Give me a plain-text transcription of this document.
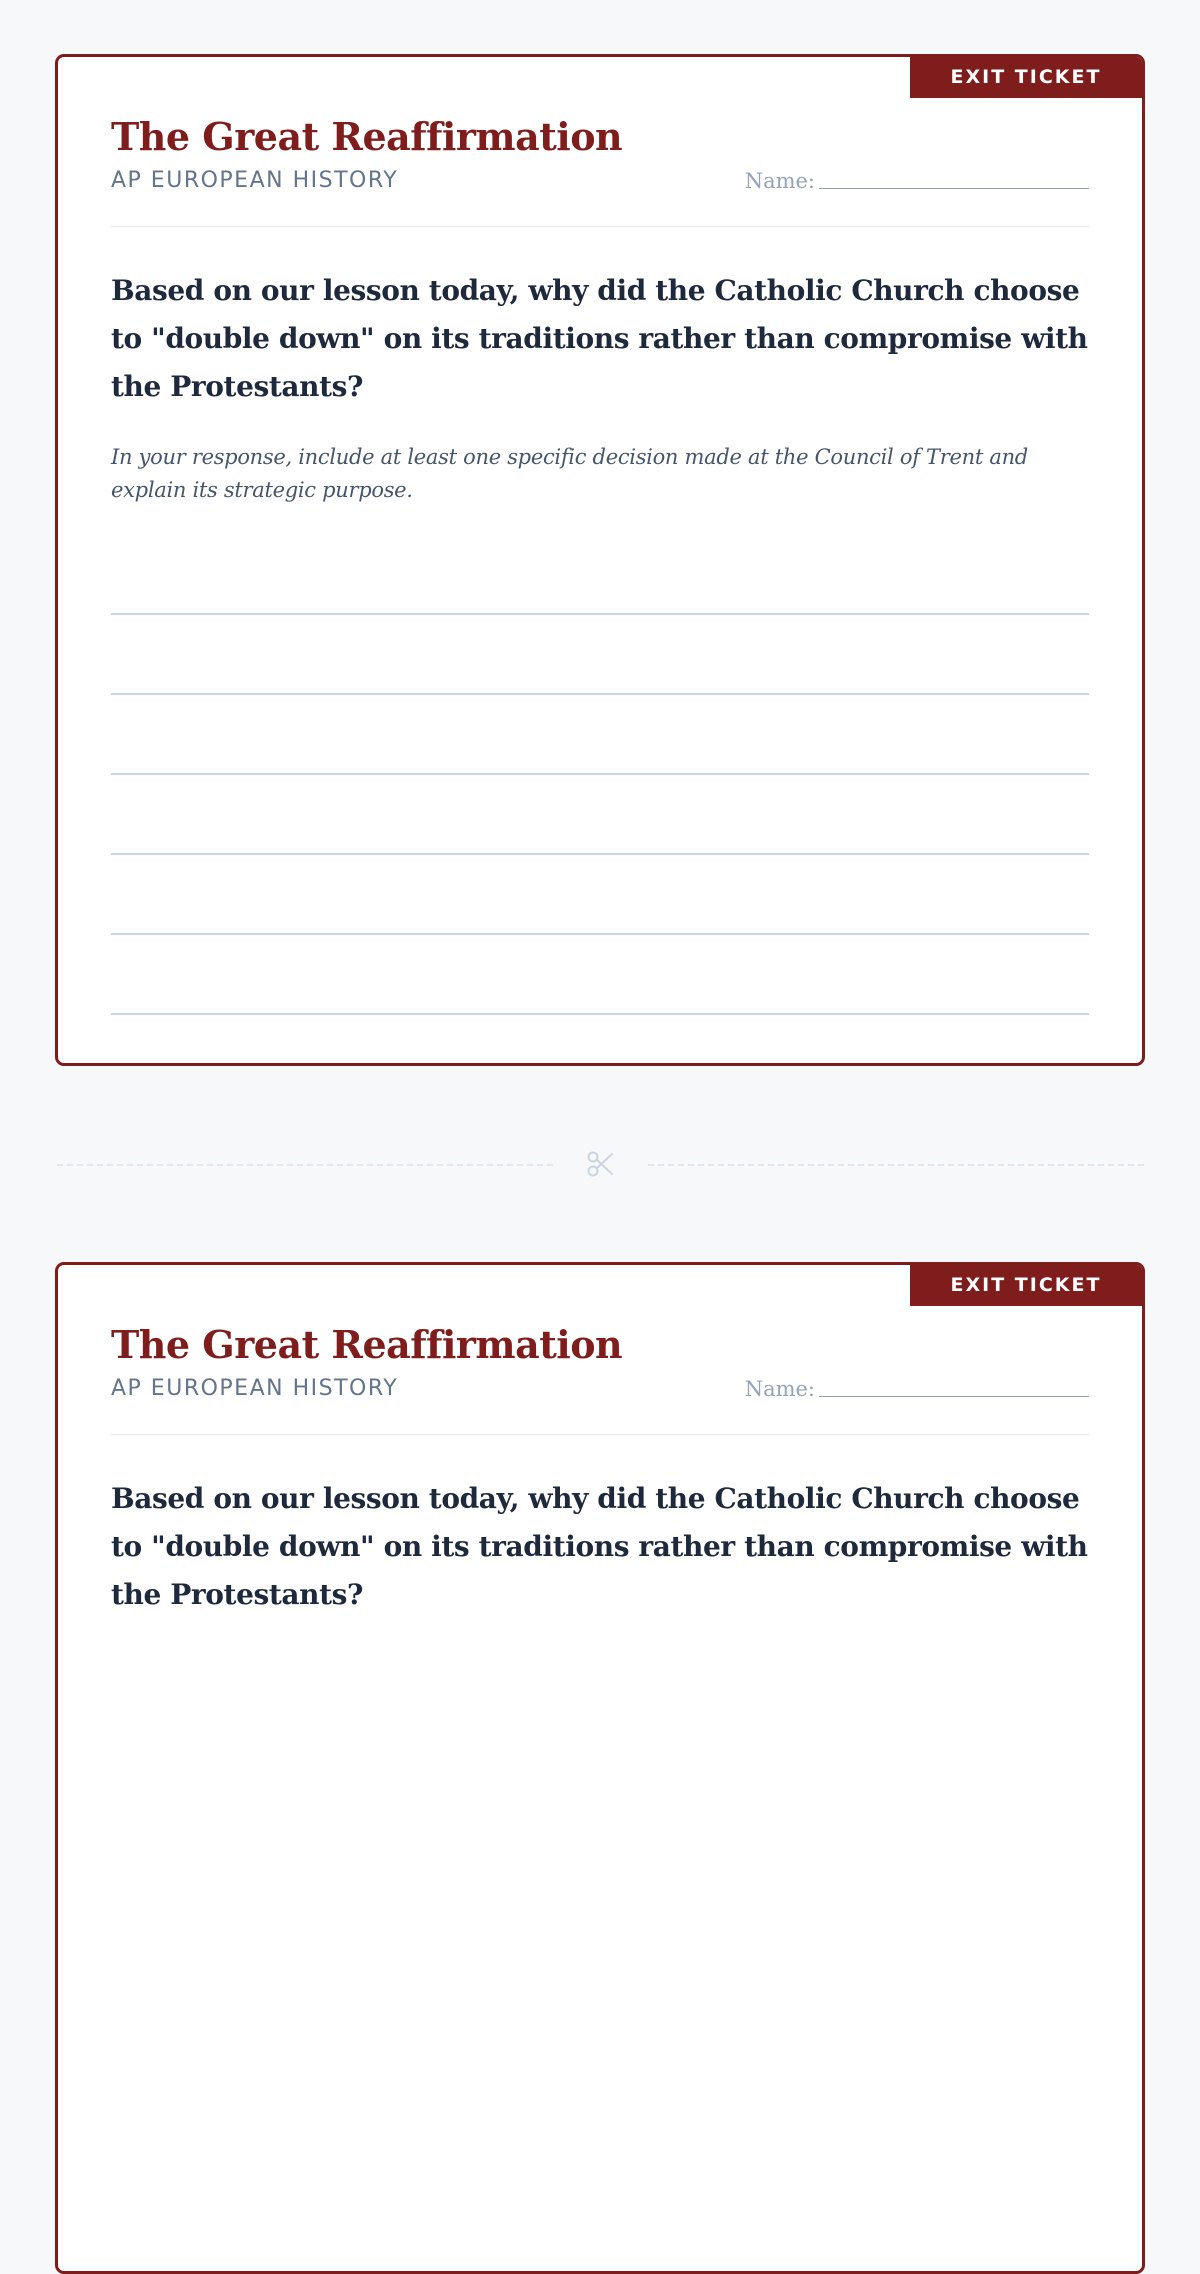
EXIT TICKET
The Great Reaffirmation
AP EUROPEAN HISTORY	Name:

Based on our lesson today, why did the Catholic Church choose to "double down" on its traditions rather than compromise with the Protestants?

In your response, include at least one specific decision made at the Council of Trent and explain its strategic purpose.

EXIT TICKET
The Great Reaffirmation
AP EUROPEAN HISTORY	Name:

Based on our lesson today, why did the Catholic Church choose to "double down" on its traditions rather than compromise with the Protestants?
